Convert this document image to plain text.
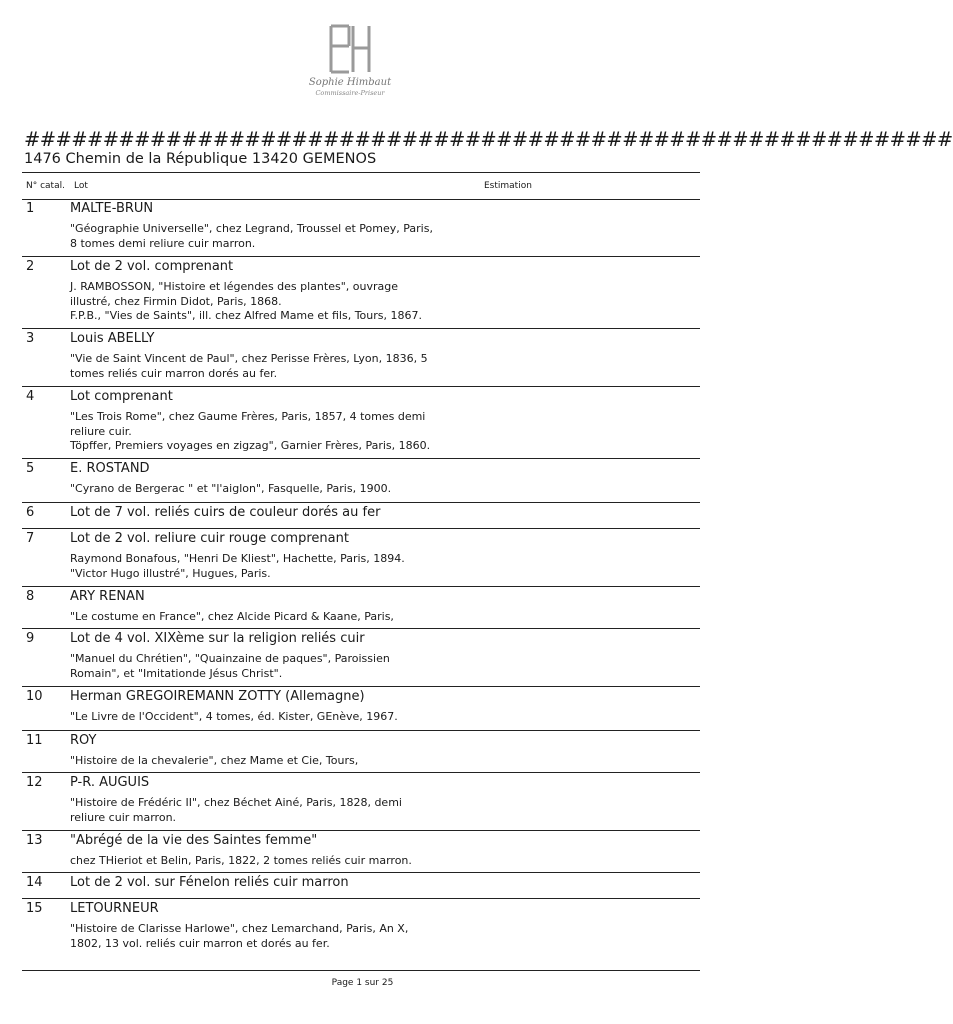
Sophie Himbaut
Commissaire-Priseur
###########################################################
1476 Chemin de la République 13420 GEMENOS
N° catal. Lot	Estimation
1	MALTE-BRUN
"Géographie Universelle", chez Legrand, Troussel et Pomey, Paris,
8 tomes demi reliure cuir marron.
2	Lot de 2 vol. comprenant
J. RAMBOSSON, "Histoire et légendes des plantes", ouvrage
illustré, chez Firmin Didot, Paris, 1868.
F.P.B., "Vies de Saints", ill. chez Alfred Mame et fils, Tours, 1867.
3	Louis ABELLY
"Vie de Saint Vincent de Paul", chez Perisse Frères, Lyon, 1836, 5
tomes reliés cuir marron dorés au fer.
4	Lot comprenant
"Les Trois Rome", chez Gaume Frères, Paris, 1857, 4 tomes demi
reliure cuir.
Töpffer, Premiers voyages en zigzag", Garnier Frères, Paris, 1860.
5	E. ROSTAND
"Cyrano de Bergerac " et "l'aiglon", Fasquelle, Paris, 1900.
6	Lot de 7 vol. reliés cuirs de couleur dorés au fer
7	Lot de 2 vol. reliure cuir rouge comprenant
Raymond Bonafous, "Henri De Kliest", Hachette, Paris, 1894.
"Victor Hugo illustré", Hugues, Paris.
8	ARY RENAN
"Le costume en France", chez Alcide Picard & Kaane, Paris,
9	Lot de 4 vol. XIXème sur la religion reliés cuir
"Manuel du Chrétien", "Quainzaine de paques", Paroissien
Romain", et "Imitationde Jésus Christ".
10 Herman GREGOIREMANN ZOTTY (Allemagne)
"Le Livre de l'Occident", 4 tomes, éd. Kister, GEnève, 1967.
11 ROY
"Histoire de la chevalerie", chez Mame et Cie, Tours,
12 P-R. AUGUIS
"Histoire de Frédéric II", chez Béchet Ainé, Paris, 1828, demi
reliure cuir marron.
13 "Abrégé de la vie des Saintes femme"
chez THieriot et Belin, Paris, 1822, 2 tomes reliés cuir marron.
14 Lot de 2 vol. sur Fénelon reliés cuir marron
15 LETOURNEUR
"Histoire de Clarisse Harlowe", chez Lemarchand, Paris, An X,
1802, 13 vol. reliés cuir marron et dorés au fer.
Page 1 sur 25
